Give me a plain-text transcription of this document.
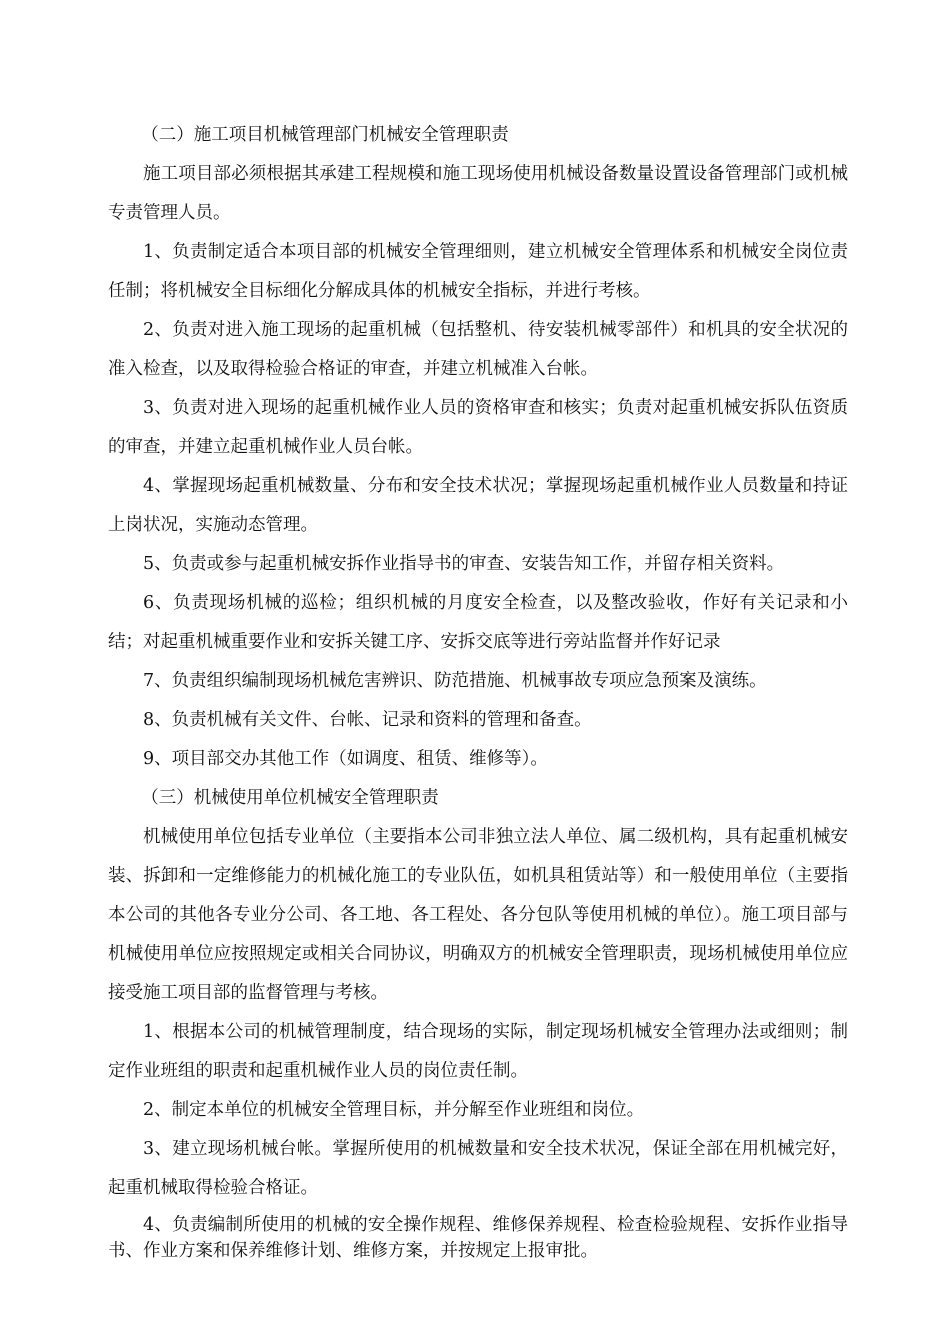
（二）施工项目机械管理部门机械安全管理职责

施工项目部必须根据其承建工程规模和施工现场使用机械设备数量设置设备管理部门或机械专责管理人员。

1、负责制定适合本项目部的机械安全管理细则，建立机械安全管理体系和机械安全岗位责任制；将机械安全目标细化分解成具体的机械安全指标，并进行考核。

2、负责对进入施工现场的起重机械（包括整机、待安装机械零部件）和机具的安全状况的准入检查，以及取得检验合格证的审查，并建立机械准入台帐。

3、负责对进入现场的起重机械作业人员的资格审查和核实；负责对起重机械安拆队伍资质的审查，并建立起重机械作业人员台帐。

4、掌握现场起重机械数量、分布和安全技术状况；掌握现场起重机械作业人员数量和持证上岗状况，实施动态管理。

5、负责或参与起重机械安拆作业指导书的审查、安装告知工作，并留存相关资料。

6、负责现场机械的巡检；组织机械的月度安全检查，以及整改验收，作好有关记录和小结；对起重机械重要作业和安拆关键工序、安拆交底等进行旁站监督并作好记录

7、负责组织编制现场机械危害辨识、防范措施、机械事故专项应急预案及演练。

8、负责机械有关文件、台帐、记录和资料的管理和备查。

9、项目部交办其他工作（如调度、租赁、维修等）。

（三）机械使用单位机械安全管理职责

机械使用单位包括专业单位（主要指本公司非独立法人单位、属二级机构，具有起重机械安装、拆卸和一定维修能力的机械化施工的专业队伍，如机具租赁站等）和一般使用单位（主要指本公司的其他各专业分公司、各工地、各工程处、各分包队等使用机械的单位）。施工项目部与机械使用单位应按照规定或相关合同协议，明确双方的机械安全管理职责，现场机械使用单位应接受施工项目部的监督管理与考核。

1、根据本公司的机械管理制度，结合现场的实际，制定现场机械安全管理办法或细则；制定作业班组的职责和起重机械作业人员的岗位责任制。

2、制定本单位的机械安全管理目标，并分解至作业班组和岗位。

3、建立现场机械台帐。掌握所使用的机械数量和安全技术状况，保证全部在用机械完好，起重机械取得检验合格证。

4、负责编制所使用的机械的安全操作规程、维修保养规程、检查检验规程、安拆作业指导书、作业方案和保养维修计划、维修方案，并按规定上报审批。
